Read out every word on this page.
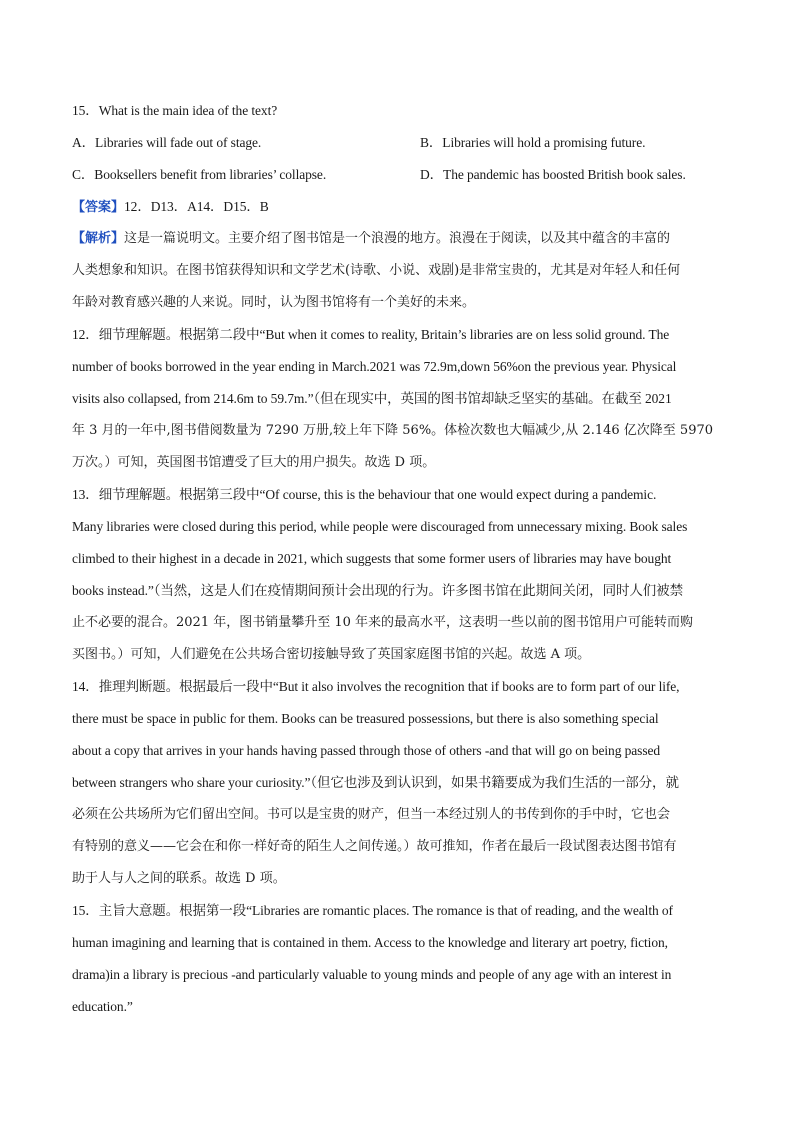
15．What is the main idea of the text?
A．Libraries will fade out of stage.	B．Libraries will hold a promising future.
C．Booksellers benefit from libraries’ collapse.	D．The pandemic has boosted British book sales.
【答案】12．D13．A14．D15．B
【解析】这是一篇说明文。主要介绍了图书馆是一个浪漫的地方。浪漫在于阅读，以及其中蕴含的丰富的
人类想象和知识。在图书馆获得知识和文学艺术(诗歌、小说、戏剧)是非常宝贵的，尤其是对年轻人和任何
年龄对教育感兴趣的人来说。同时，认为图书馆将有一个美好的未来。
12．细节理解题。根据第二段中“But when it comes to reality, Britain’s libraries are on less solid ground. The
number of books borrowed in the year ending in March.2021 was 72.9m,down 56%on the previous year. Physical
visits also collapsed, from 214.6m to 59.7m.”（但在现实中，英国的图书馆却缺乏坚实的基础。在截至 2021
年 3 月的一年中,图书借阅数量为 7290 万册,较上年下降 56%。体检次数也大幅减少,从 2.146 亿次降至 5970
万次。）可知，英国图书馆遭受了巨大的用户损失。故选 D 项。
13．细节理解题。根据第三段中“Of course, this is the behaviour that one would expect during a pandemic.
Many libraries were closed during this period, while people were discouraged from unnecessary mixing. Book sales
climbed to their highest in a decade in 2021, which suggests that some former users of libraries may have bought
books instead.”（当然，这是人们在疫情期间预计会出现的行为。许多图书馆在此期间关闭，同时人们被禁
止不必要的混合。2021 年，图书销量攀升至 10 年来的最高水平，这表明一些以前的图书馆用户可能转而购
买图书。）可知，人们避免在公共场合密切接触导致了英国家庭图书馆的兴起。故选 A 项。
14．推理判断题。根据最后一段中“But it also involves the recognition that if books are to form part of our life,
there must be space in public for them. Books can be treasured possessions, but there is also something special
about a copy that arrives in your hands having passed through those of others -and that will go on being passed
between strangers who share your curiosity.”（但它也涉及到认识到，如果书籍要成为我们生活的一部分，就
必须在公共场所为它们留出空间。书可以是宝贵的财产，但当一本经过别人的书传到你的手中时，它也会
有特别的意义——它会在和你一样好奇的陌生人之间传递。）故可推知，作者在最后一段试图表达图书馆有
助于人与人之间的联系。故选 D 项。
15．主旨大意题。根据第一段“Libraries are romantic places. The romance is that of reading, and the wealth of
human imagining and learning that is contained in them. Access to the knowledge and literary art poetry, fiction,
drama)in a library is precious -and particularly valuable to young minds and people of any age with an interest in
education.”
